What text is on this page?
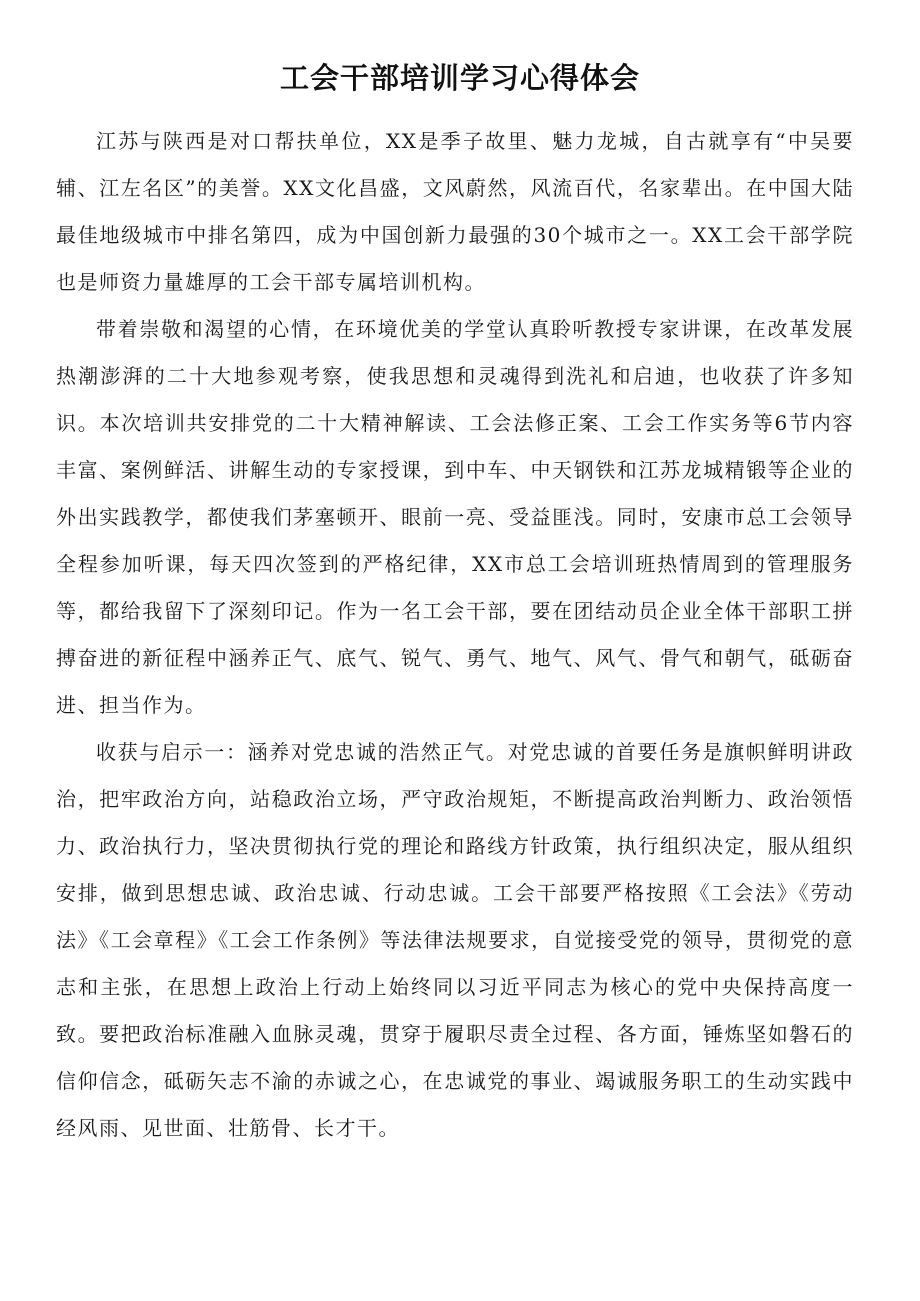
工会干部培训学习心得体会

江苏与陕西是对口帮扶单位，XX是季子故里、魅力龙城，自古就享有“中吴要辅、江左名区”的美誉。XX文化昌盛，文风蔚然，风流百代，名家辈出。在中国大陆最佳地级城市中排名第四，成为中国创新力最强的30个城市之一。XX工会干部学院也是师资力量雄厚的工会干部专属培训机构。

带着崇敬和渴望的心情，在环境优美的学堂认真聆听教授专家讲课，在改革发展热潮澎湃的二十大地参观考察，使我思想和灵魂得到洗礼和启迪，也收获了许多知识。本次培训共安排党的二十大精神解读、工会法修正案、工会工作实务等6节内容丰富、案例鲜活、讲解生动的专家授课，到中车、中天钢铁和江苏龙城精锻等企业的外出实践教学，都使我们茅塞顿开、眼前一亮、受益匪浅。同时，安康市总工会领导全程参加听课，每天四次签到的严格纪律，XX市总工会培训班热情周到的管理服务等，都给我留下了深刻印记。作为一名工会干部，要在团结动员企业全体干部职工拼搏奋进的新征程中涵养正气、底气、锐气、勇气、地气、风气、骨气和朝气，砥砺奋进、担当作为。

收获与启示一：涵养对党忠诚的浩然正气。对党忠诚的首要任务是旗帜鲜明讲政治，把牢政治方向，站稳政治立场，严守政治规矩，不断提高政治判断力、政治领悟力、政治执行力，坚决贯彻执行党的理论和路线方针政策，执行组织决定，服从组织安排，做到思想忠诚、政治忠诚、行动忠诚。工会干部要严格按照《工会法》《劳动法》《工会章程》《工会工作条例》等法律法规要求，自觉接受党的领导，贯彻党的意志和主张，在思想上政治上行动上始终同以习近平同志为核心的党中央保持高度一致。要把政治标准融入血脉灵魂，贯穿于履职尽责全过程、各方面，锤炼坚如磐石的信仰信念，砥砺矢志不渝的赤诚之心，在忠诚党的事业、竭诚服务职工的生动实践中经风雨、见世面、壮筋骨、长才干。
